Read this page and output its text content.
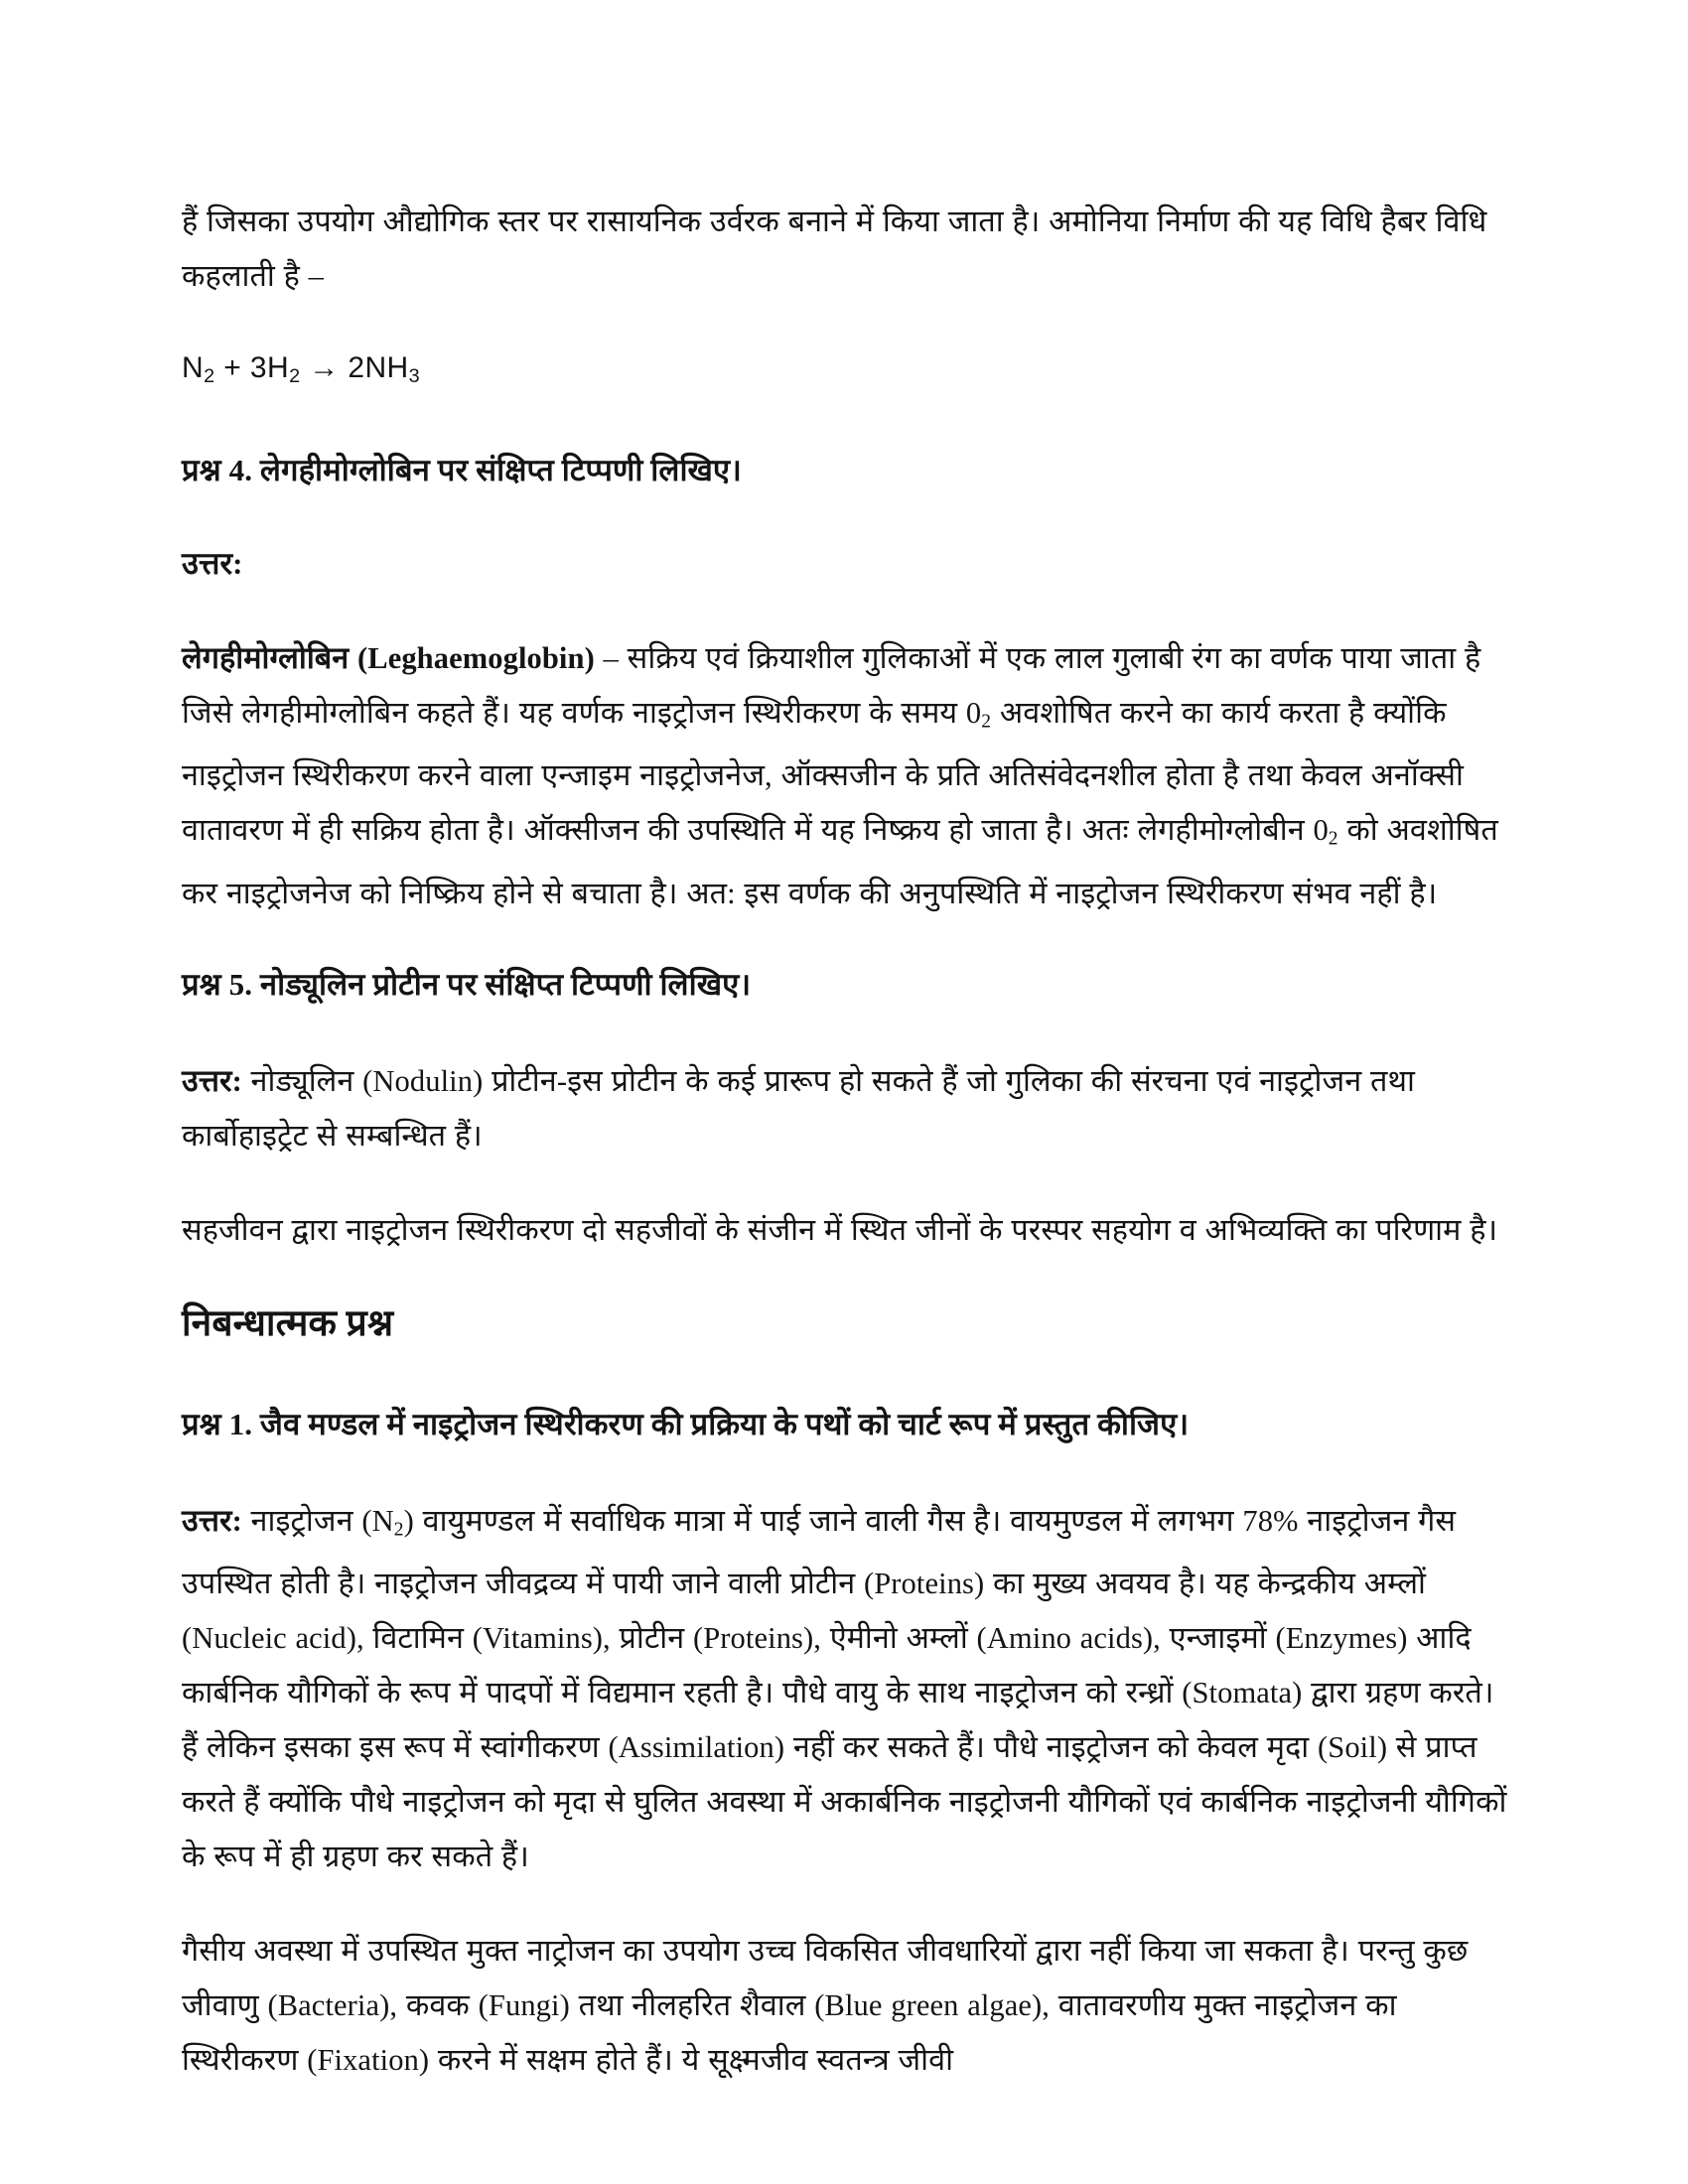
हैं जिसका उपयोग औद्योगिक स्तर पर रासायनिक उर्वरक बनाने में किया जाता है। अमोनिया निर्माण की यह विधि हैबर विधि कहलाती है –

$N_2 + 3H_2 \to 2NH_3$
प्रश्न 4. लेगहीमोग्लोबिन पर संक्षिप्त टिप्पणी लिखिए।

उत्तर:

लेगहीमोग्लोबिन (Leghaemoglobin) – सक्रिय एवं क्रियाशील गुलिकाओं में एक लाल गुलाबी रंग का वर्णक पाया जाता है जिसे लेगहीमोग्लोबिन कहते हैं। यह वर्णक नाइट्रोजन स्थिरीकरण के समय $0_2$ अवशोषित करने का कार्य करता है क्योंकि नाइट्रोजन स्थिरीकरण करने वाला एन्जाइम नाइट्रोजनेज, ऑक्सजीन के प्रति अतिसंवेदनशील होता है तथा केवल अनॉक्सी वातावरण में ही सक्रिय होता है। ऑक्सीजन की उपस्थिति में यह निष्क्रय हो जाता है। अतः लेगहीमोग्लोबीन $0_2$ को अवशोषित कर नाइट्रोजनेज को निष्क्रिय होने से बचाता है। अत: इस वर्णक की अनुपस्थिति में नाइट्रोजन स्थिरीकरण संभव नहीं है।

प्रश्न 5. नोड्यूलिन प्रोटीन पर संक्षिप्त टिप्पणी लिखिए।

उत्तर: नोड्यूलिन (Nodulin) प्रोटीन-इस प्रोटीन के कई प्रारूप हो सकते हैं जो गुलिका की संरचना एवं नाइट्रोजन तथा कार्बोहाइट्रेट से सम्बन्धित हैं।

सहजीवन द्वारा नाइट्रोजन स्थिरीकरण दो सहजीवों के संजीन में स्थित जीनों के परस्पर सहयोग व अभिव्यक्ति का परिणाम है।

निबन्धात्मक प्रश्न
प्रश्न 1. जैव मण्डल में नाइट्रोजन स्थिरीकरण की प्रक्रिया के पथों को चार्ट रूप में प्रस्तुत कीजिए।

उत्तर: नाइट्रोजन $(N_2)$ वायुमण्डल में सर्वाधिक मात्रा में पाई जाने वाली गैस है। वायमुण्डल में लगभग 78% नाइट्रोजन गैस उपस्थित होती है। नाइट्रोजन जीवद्रव्य में पायी जाने वाली प्रोटीन (Proteins) का मुख्य अवयव है। यह केन्द्रकीय अम्लों (Nucleic acid), विटामिन (Vitamins), प्रोटीन (Proteins), ऐमीनो अम्लों (Amino acids), एन्जाइमों (Enzymes) आदि कार्बनिक यौगिकों के रूप में पादपों में विद्यमान रहती है। पौधे वायु के साथ नाइट्रोजन को रन्ध्रों (Stomata) द्वारा ग्रहण करते। हैं लेकिन इसका इस रूप में स्वांगीकरण (Assimilation) नहीं कर सकते हैं। पौधे नाइट्रोजन को केवल मृदा (Soil) से प्राप्त करते हैं क्योंकि पौधे नाइट्रोजन को मृदा से घुलित अवस्था में अकार्बनिक नाइट्रोजनी यौगिकों एवं कार्बनिक नाइट्रोजनी यौगिकों के रूप में ही ग्रहण कर सकते हैं।

गैसीय अवस्था में उपस्थित मुक्त नाट्रोजन का उपयोग उच्च विकसित जीवधारियों द्वारा नहीं किया जा सकता है। परन्तु कुछ जीवाणु (Bacteria), कवक (Fungi) तथा नीलहरित शैवाल (Blue green algae), वातावरणीय मुक्त नाइट्रोजन का स्थिरीकरण (Fixation) करने में सक्षम होते हैं। ये सूक्ष्मजीव स्वतन्त्र जीवी
